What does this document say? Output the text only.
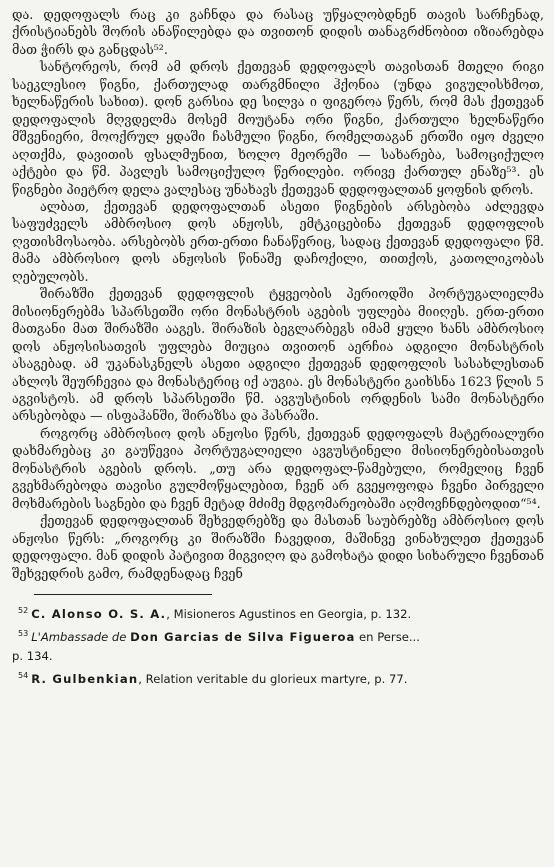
და. დედოფალს რაც კი გაჩნდა და რასაც უწყალობდნენ თავის სარჩენად, ქრისტიანებს შორის ანაწილებდა და თვითონ დიდის თანაგრძნობით იზიარებდა მათ ჭირს და განცდას⁵².

სანტორეოს, რომ ამ დროს ქეთევან დედოფალს თავისთან მთელი რიგი საეკლესიო წიგნი, ქართულად თარგმნილი ჰქონია (უნდა ვიგულისხმოთ, ხელნაწერის სახით). დონ გარსია დე სილვა ი ფიგეროა წერს, რომ მას ქეთევან დედოფალის მღვდელმა მოსემ მოუტანა ორი წიგნი, ქართული ხელნაწერი მშვენიერი, მოოქრულ ყდაში ჩასმული წიგნი, რომელთაგან ერთში იყო ძველი აღთქმა, დავითის ფსალმუნით, ხოლო მეორეში — სახარება, სამოციქულო აქტები და წმ. პავლეს სამოციქულო წერილები. ორივე ქართულ ენაზე⁵³. ეს წიგნები პიეტრო დელა ვალესაც უნახავს ქეთევან დედოფალთან ყოფნის დროს.

ალბათ, ქეთევან დედოფალთან ასეთი წიგნების არსებობა აძლევდა საფუძველს ამბროსიო დოს ანჟოსს, ემტკიცებინა ქეთევან დედოფლის ღვთისმოსაობა. არსებობს ერთ-ერთი ჩანაწერიც, სადაც ქეთევან დედოფალი წმ. მამა ამბროსიო დოს ანჟოსის წინაშე დაჩოქილი, თითქოს, კათოლიკობას ღებულობს.

შირაზში ქეთევან დედოფლის ტყვეობის პერიოდში პორტუგალიელმა მისიონერებმა სპარსეთში ორი მონასტრის აგების უფლება მიიღეს. ერთ-ერთი მათგანი მათ შირაზში ააგეს. შირაზის ბეგლარბეგს იმამ ყული ხანს ამბროსიო დოს ანჟოსისათვის უფლება მიუცია თვითონ აერჩია ადგილი მონასტრის ასაგებად. ამ უკანასკნელს ასეთი ადგილი ქეთევან დედოფლის სასახლესთან ახლოს შეურჩევია და მონასტერიც იქ აუგია. ეს მონასტერი გაიხსნა 1623 წლის 5 აგვისტოს. ამ დროს სპარსეთში წმ. ავგუსტინის ორდენის სამი მონასტერი არსებობდა — ისფაჰანში, შირაზსა და ჰასრაში.

როგორც ამბროსიო დოს ანჟოსი წერს, ქეთევან დედოფალს მატერიალური დახმარებაც კი გაუწევია პორტუგალიელი ავგუსტინელი მისიონერებისათვის მონასტრის აგების დროს. „თუ არა დედოფალ-წამებული, რომელიც ჩვენ გვეხმარებოდა თავისი გულმოწყალებით, ჩვენ არ გვეყოფოდა ჩვენი პირველი მოხმარების საგნები და ჩვენ მეტად მძიმე მდგომარეობაში აღმოვჩნდებოდით“⁵⁴.

ქეთევან დედოფალთან შეხვედრებზე და მასთან საუბრებზე ამბროსიო დოს ანჟოსი წერს: „როგორც კი შირაზში ჩავედით, მაშინვე ვინახულეთ ქეთევან დედოფალი. მან დიდის პატივით მიგვიღო და გამოხატა დიდი სიხარული ჩვენთან შეხვედრის გამო, რამდენადაც ჩვენ

$^{52}$ C. Alonso O. S. A., Misioneros Agustinos en Georgia, p. 132.

$^{53}$ L'Ambassade de Don Garcias de Silva Figueroa en Perse...

p. 134.

$^{54}$ R. Gulbenkian, Relation veritable du glorieux martyre, p. 77.
